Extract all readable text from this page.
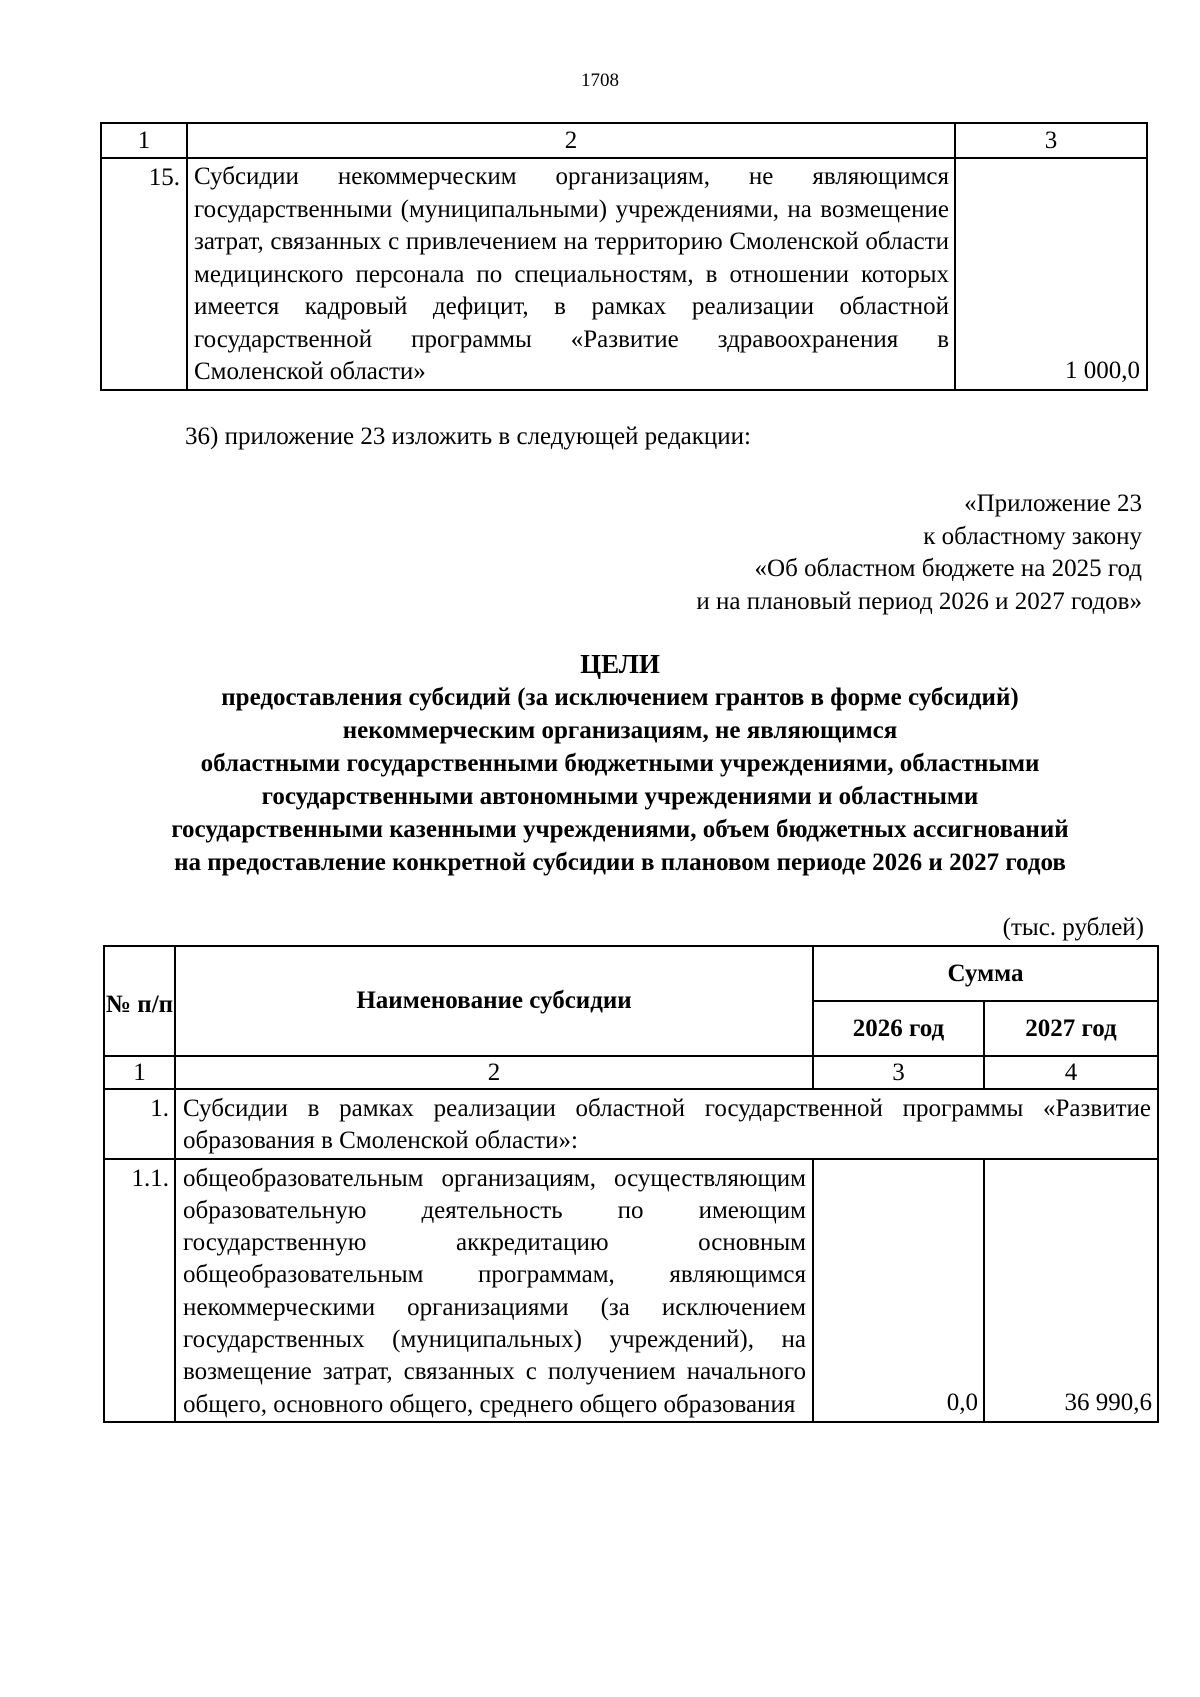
1708
1	2	3
15.	Субсидии некоммерческим организациям, не являющимся государственными (муниципальными) учреждениями, на возмещение затрат, связанных с привлечением на территорию Смоленской области медицинского персонала по специальностям, в отношении которых имеется кадровый дефицит, в рамках реализации областной государственной программы «Развитие здравоохранения в Смоленской области»	1 000,0
36) приложение 23 изложить в следующей редакции:
«Приложение 23
к областному закону
«Об областном бюджете на 2025 год
и на плановый период 2026 и 2027 годов»
ЦЕЛИ
предоставления субсидий (за исключением грантов в форме субсидий)
некоммерческим организациям, не являющимся
областными государственными бюджетными учреждениями, областными
государственными автономными учреждениями и областными
государственными казенными учреждениями, объем бюджетных ассигнований
на предоставление конкретной субсидии в плановом периоде 2026 и 2027 годов
(тыс. рублей)
№ п/п	Наименование субсидии	Сумма	
		2026 год	2027 год
1	2	3	4
1.	Субсидии в рамках реализации областной государственной программы «Развитие образования в Смоленской области»:		
1.1.	общеобразовательным организациям, осуществляющим образовательную деятельность по имеющим государственную аккредитацию основным общеобразовательным программам, являющимся некоммерческими организациями (за исключением государственных (муниципальных) учреждений), на возмещение затрат, связанных с получением начального общего, основного общего, среднего общего образования	0,0	36 990,6
